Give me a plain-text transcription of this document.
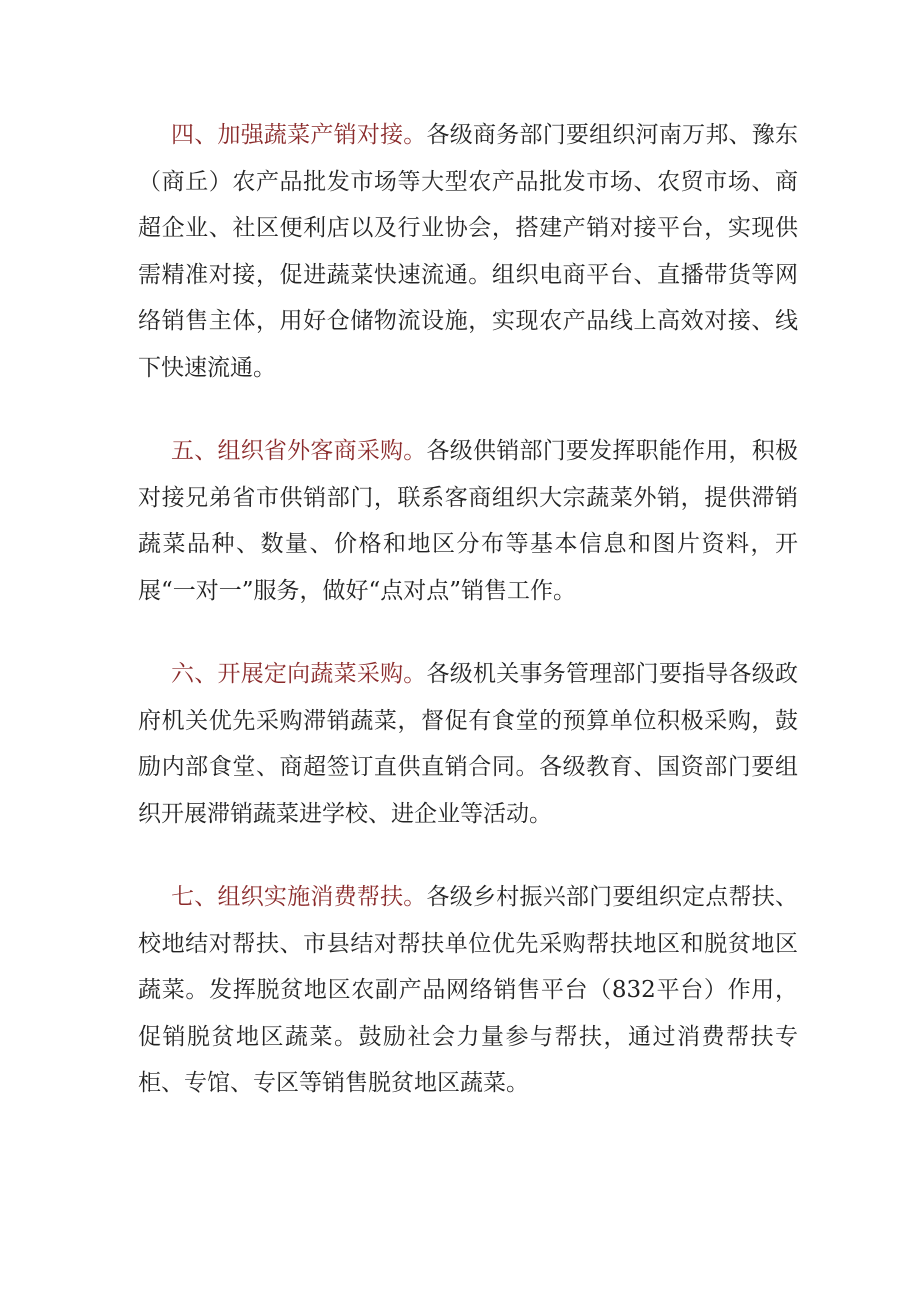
四、加强蔬菜产销对接。各级商务部门要组织河南万邦、豫东（商丘）农产品批发市场等大型农产品批发市场、农贸市场、商超企业、社区便利店以及行业协会，搭建产销对接平台，实现供需精准对接，促进蔬菜快速流通。组织电商平台、直播带货等网络销售主体，用好仓储物流设施，实现农产品线上高效对接、线下快速流通。

五、组织省外客商采购。各级供销部门要发挥职能作用，积极对接兄弟省市供销部门，联系客商组织大宗蔬菜外销，提供滞销蔬菜品种、数量、价格和地区分布等基本信息和图片资料，开展“一对一”服务，做好“点对点”销售工作。

六、开展定向蔬菜采购。各级机关事务管理部门要指导各级政府机关优先采购滞销蔬菜，督促有食堂的预算单位积极采购，鼓励内部食堂、商超签订直供直销合同。各级教育、国资部门要组织开展滞销蔬菜进学校、进企业等活动。

七、组织实施消费帮扶。各级乡村振兴部门要组织定点帮扶、校地结对帮扶、市县结对帮扶单位优先采购帮扶地区和脱贫地区蔬菜。发挥脱贫地区农副产品网络销售平台（832平台）作用，促销脱贫地区蔬菜。鼓励社会力量参与帮扶，通过消费帮扶专柜、专馆、专区等销售脱贫地区蔬菜。
